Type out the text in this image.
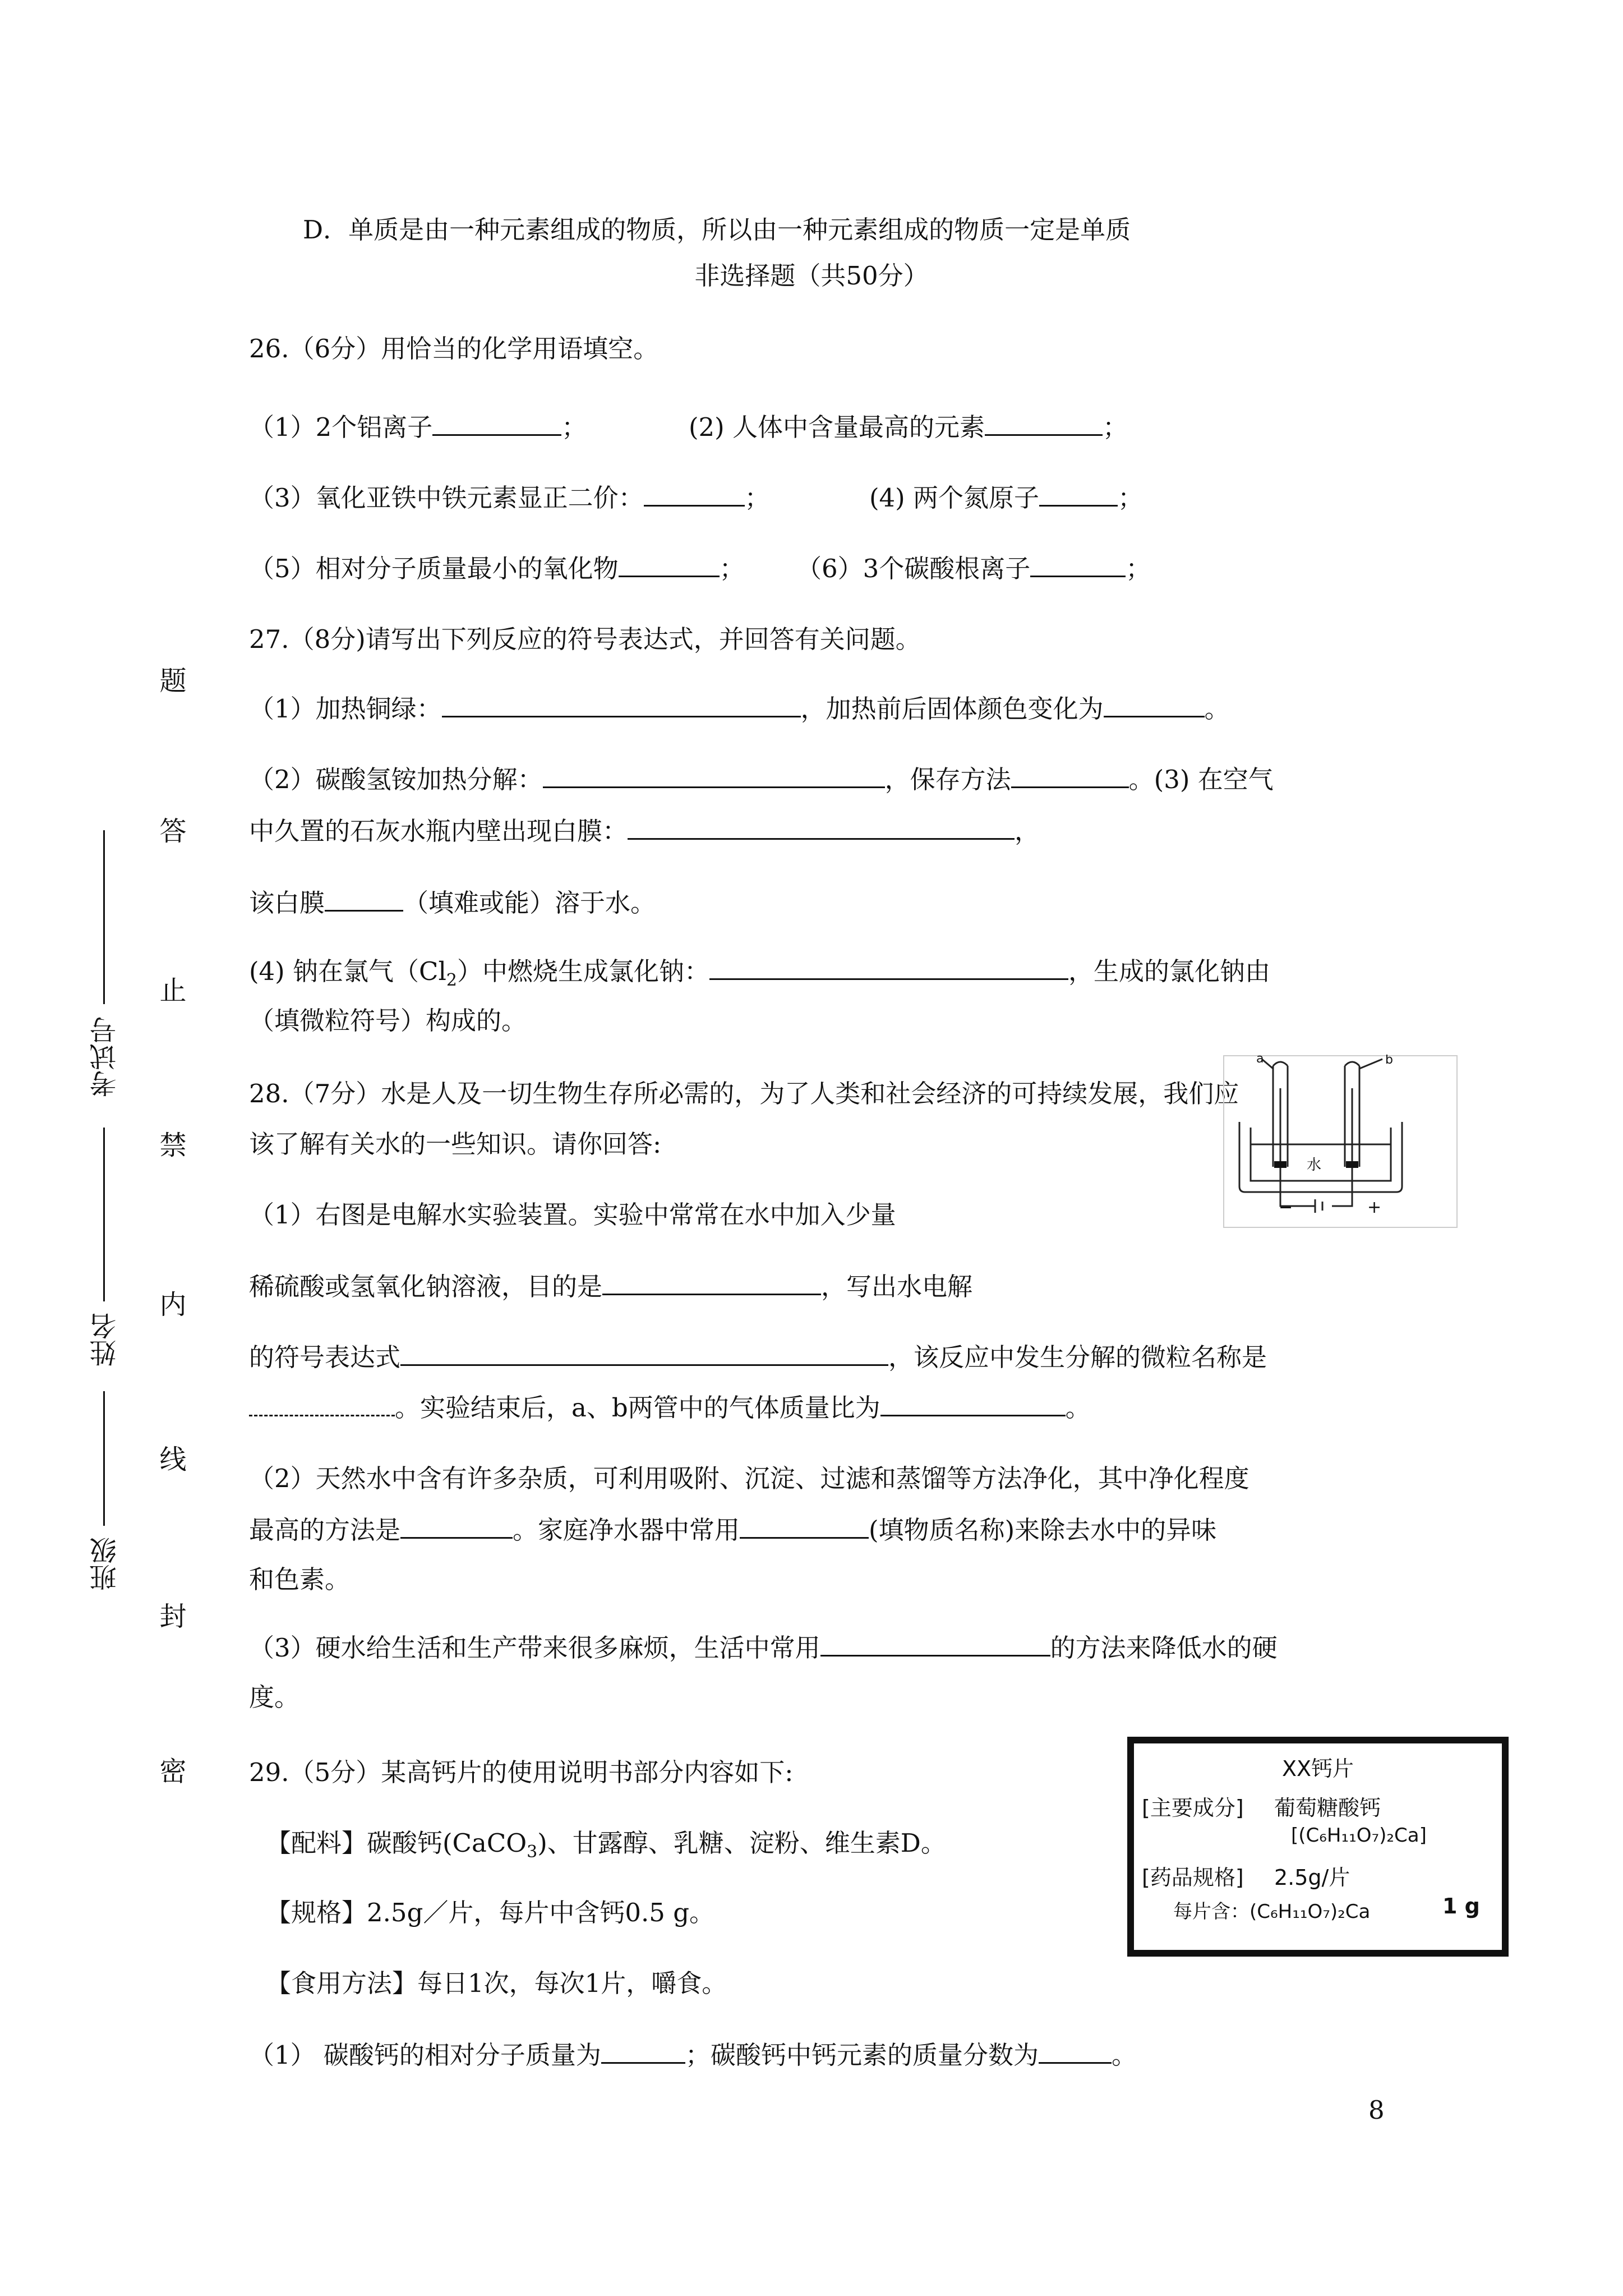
D．单质是由一种元素组成的物质，所以由一种元素组成的物质一定是单质
非选择题（共50分）
26.（6分）用恰当的化学用语填空。
（1）2个铝离子	；	(2) 人体中含量最高的元素	；
（3）氧化亚铁中铁元素显正二价：	；	(4) 两个氮原子	；
（5）相对分子质量最小的氧化物	； （6）3个碳酸根离子	；
27.（8分)请写出下列反应的符号表达式，并回答有关问题。
（1）加热铜绿：	，加热前后固体颜色变化为	。
（2）碳酸氢铵加热分解：	，保存方法	。(3) 在空气
中久置的石灰水瓶内壁出现白膜：	，
该白膜	（填难或能）溶于水。
(4) 钠在氯气$(Cl_2)$中燃烧生成氯化钠：	，生成的氯化钠由
（填微粒符号）构成的。
28.（7分）水是人及一切生物生存所必需的，为了人类和社会经济的可持续发展，我们应
该了解有关水的一些知识。请你回答:
（1）右图是电解水实验装置。实验中常常在水中加入少量
稀硫酸或氢氧化钠溶液，目的是	，写出水电解
的符号表达式	，该反应中发生分解的微粒名称是
。实验结束后，a、b两管中的气体质量比为	。
（2）天然水中含有许多杂质，可利用吸附、沉淀、过滤和蒸馏等方法净化，其中净化程度
最高的方法是	。家庭净水器中常用	(填物质名称)来除去水中的异味
和色素。
（3）硬水给生活和生产带来很多麻烦，生活中常用	的方法来降低水的硬
度。
a	b
水
−	+
29.（5分）某高钙片的使用说明书部分内容如下:
【配料】碳酸钙(CaCO$_3$)、甘露醇、乳糖、淀粉、维生素D。
【规格】2.5g／片，每片中含钙0.5 g。
【食用方法】每日1次，每次1片，嚼食。
（1） 碳酸钙的相对分子质量为	；碳酸钙中钙元素的质量分数为	。
XX钙片
[主要成分] 葡萄糖酸钙
[(C₆H₁₁O₇)₂Ca]
[药品规格] 2.5g/片
每片含：(C₆H₁₁O₇)₂Ca	1 g
题
答
止
禁
内
线
封
密
考试号
姓名
班级
8
